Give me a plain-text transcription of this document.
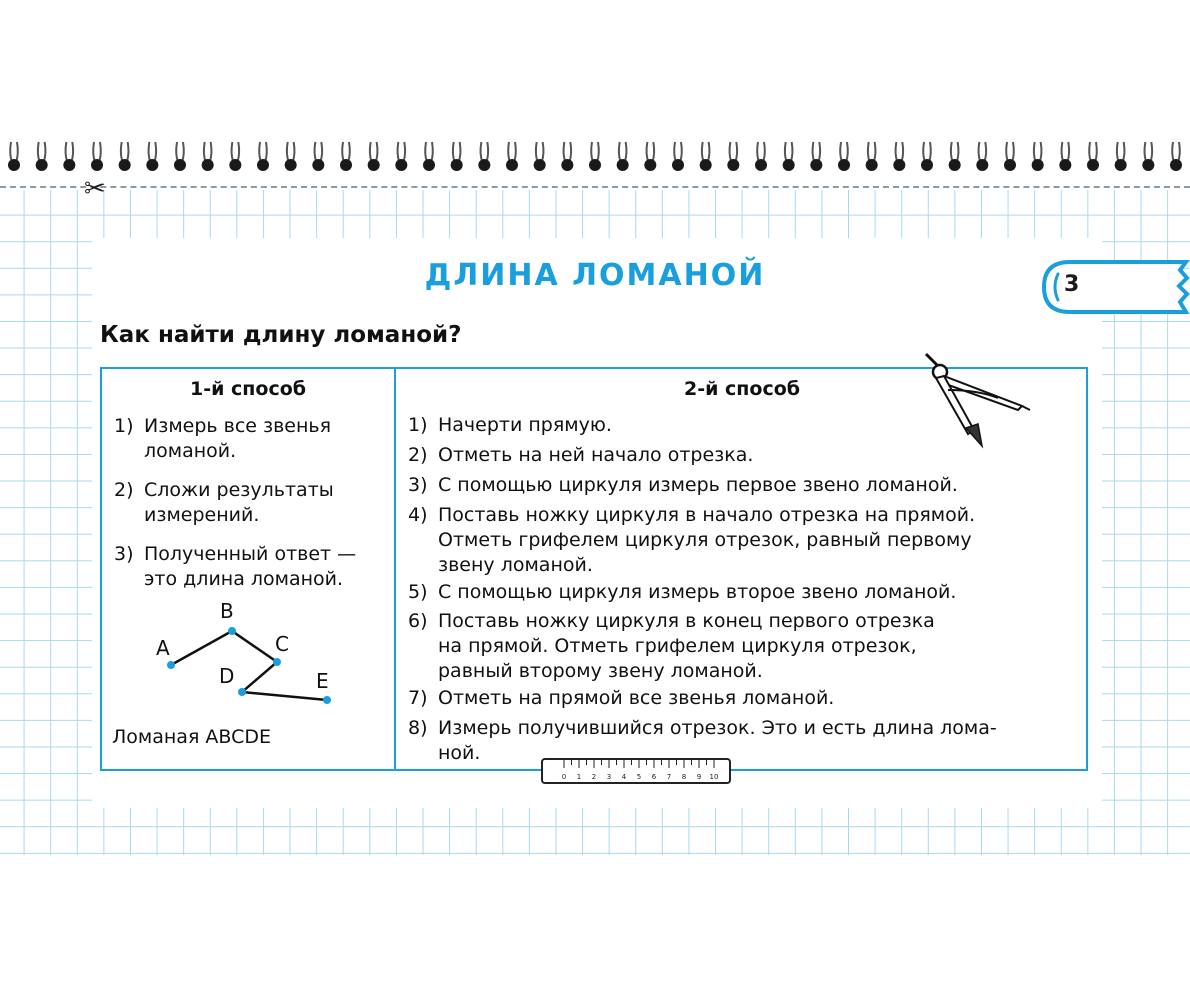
✂
ДЛИНА ЛОМАНОЙ	3
Как найти длину ломаной?
1-й способ
1) Измерь все звенья
ломаной.
2) Сложи результаты
измерений.
3) Полученный ответ —
это длина ломаной.
A
B
C
D	E
Ломаная ABCDE
2-й способ
1) Начерти прямую.
2) Отметь на ней начало отрезка.
3) С помощью циркуля измерь первое звено ломаной.
4) Поставь ножку циркуля в начало отрезка на прямой.
Отметь грифелем циркуля отрезок, равный первому
звену ломаной.
5) С помощью циркуля измерь второе звено ломаной.
6) Поставь ножку циркуля в конец первого отрезка
на прямой. Отметь грифелем циркуля отрезок,
равный второму звену ломаной.
7) Отметь на прямой все звенья ломаной.
8) Измерь получившийся отрезок. Это и есть длина лома-
ной.
0 1 2 3 4 5 6 7 8 9 10
